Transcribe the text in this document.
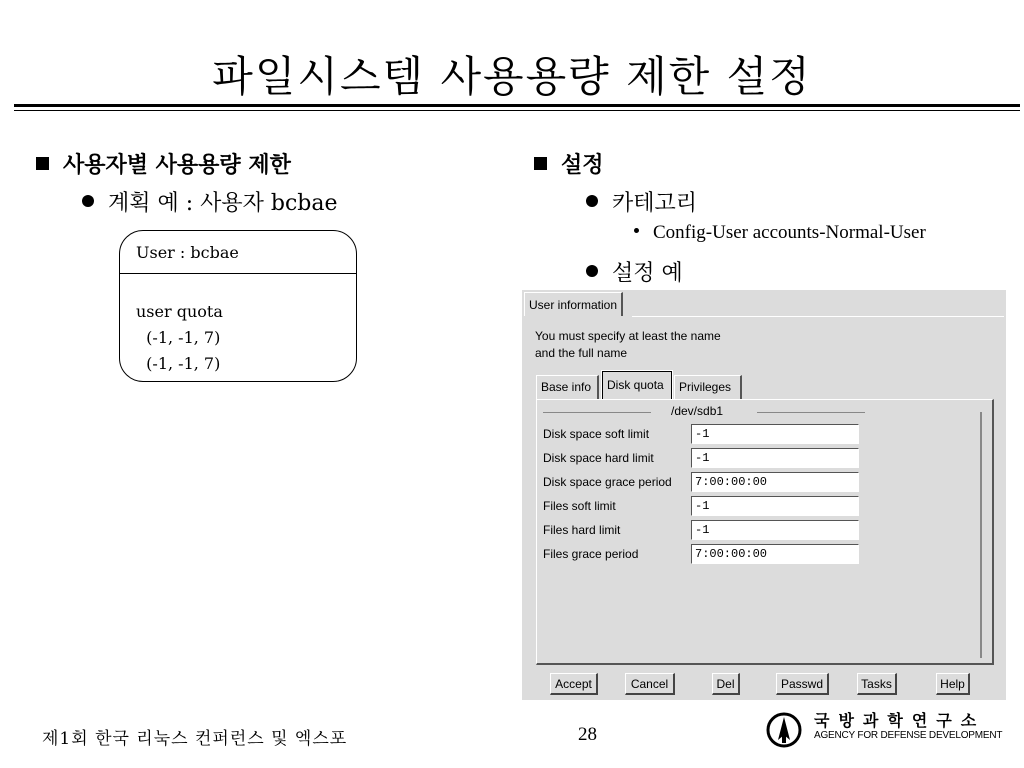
파일시스템 사용용량 제한 설정
사용자별 사용용량 제한
계획 예 : 사용자 bcbae
User : bcbae
user quota
(-1, -1, 7)
(-1, -1, 7)
설정
카테고리
Config-User accounts-Normal-User
설정 예
User information
You must specify at least the name
and the full name
Base info	Disk quota	Privileges
/dev/sdb1
Disk space soft limit	-1
Disk space hard limit	-1
Disk space grace period	7:00:00:00
Files soft limit	-1
Files hard limit	-1
Files grace period	7:00:00:00
Accept	Cancel	Del	Passwd	Tasks	Help
제1회 한국 리눅스 컨퍼런스 및 엑스포	28
국방과학연구소
AGENCY FOR DEFENSE DEVELOPMENT
